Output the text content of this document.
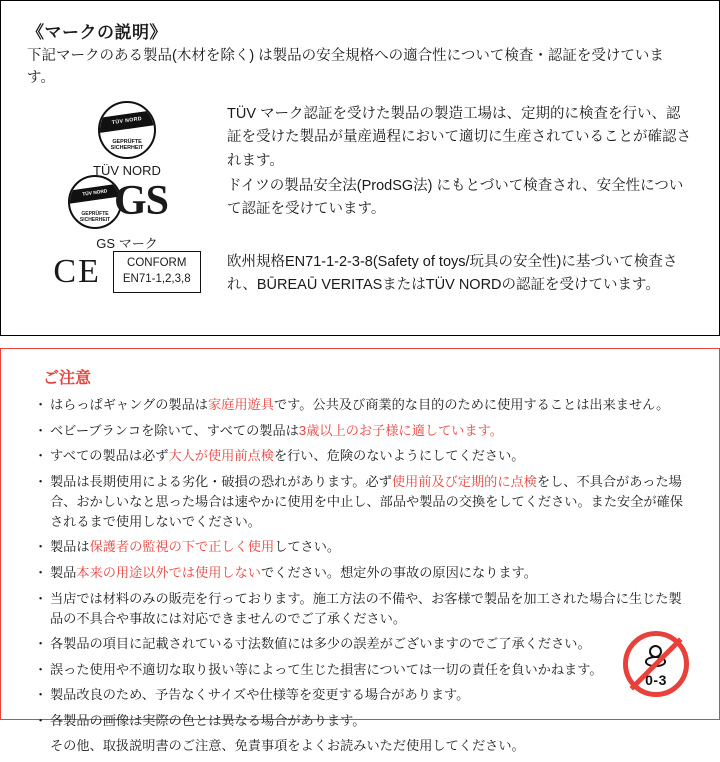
《マークの説明》
下記マークのある製品(木材を除く) は製品の安全規格への適合性について検査・認証を受けています。
TÜV NORD
GEPRÜFTE
SICHERHEIT
TÜV NORD
TÜV マーク認証を受けた製品の製造工場は、定期的に検査を行い、認証を受けた製品が量産過程において適切に生産されていることが確認されます。
TÜV NORD
GEPRÜFTE
SICHERHEIT GS
GS マーク
ドイツの製品安全法(ProdSG法) にもとづいて検査され、安全性について認証を受けています。
CE	CONFORM
EN71-1,2,3,8
欧州規格EN71-1-2-3-8(Safety of toys/玩具の安全性)に基づいて検査され、BŪREAŪ VERITASまたはTÜV NORDの認証を受けています。
ご注意
・ はらっぱギャングの製品は家庭用遊具です。公共及び商業的な目的のために使用することは出来ません。
・ ベビーブランコを除いて、すべての製品は3歳以上のお子様に適しています。
・ すべての製品は必ず大人が使用前点検を行い、危険のないようにしてください。
・ 製品は長期使用による劣化・破損の恐れがあります。必ず使用前及び定期的に点検をし、不具合があった場合、おかしいなと思った場合は速やかに使用を中止し、部品や製品の交換をしてください。また安全が確保されるまで使用しないでください。
・ 製品は保護者の監視の下で正しく使用してさい。
・ 製品本来の用途以外では使用しないでください。想定外の事故の原因になります。
・ 当店では材料のみの販売を行っております。施工方法の不備や、お客様で製品を加工された場合に生じた製品の不具合や事故には対応できませんのでご了承ください。
・ 各製品の項目に記載されている寸法数値には多少の誤差がございますのでご了承ください。
・ 誤った使用や不適切な取り扱い等によって生じた損害については一切の責任を負いかねます。
・ 製品改良のため、予告なくサイズや仕様等を変更する場合があります。
・ 各製品の画像は実際の色とは異なる場合があります。
その他、取扱説明書のご注意、免責事項をよくお読みいただ使用してください。
0-3
